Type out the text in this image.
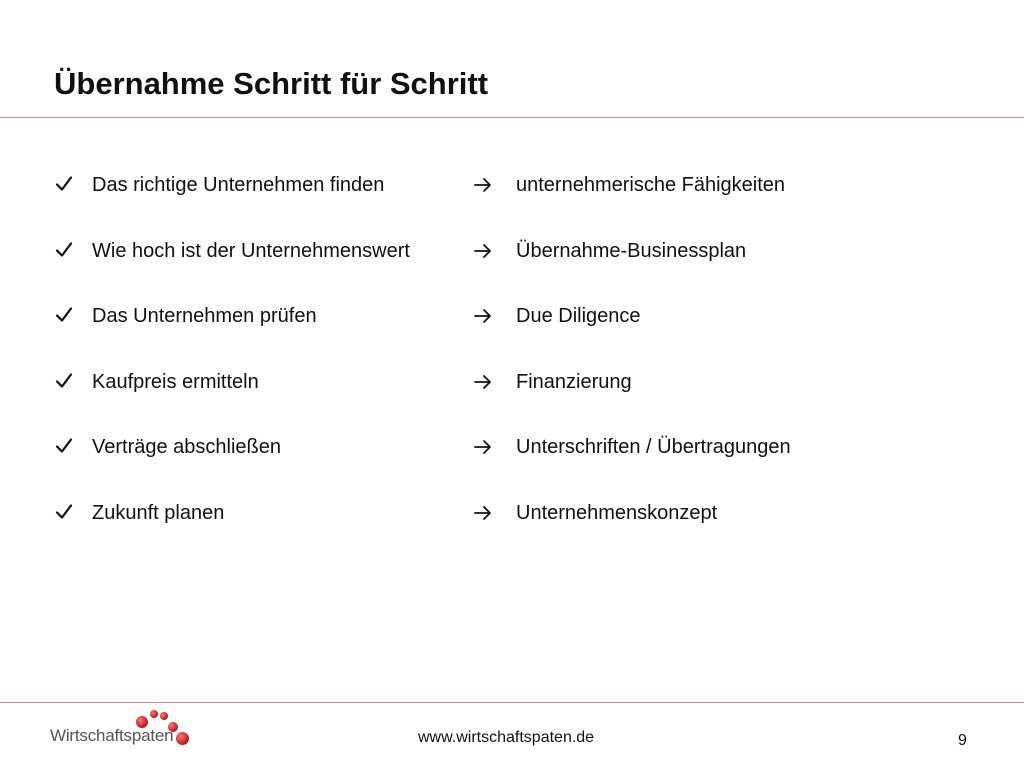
Übernahme Schritt für Schritt
Das richtige Unternehmen finden	unternehmerische Fähigkeiten
Wie hoch ist der Unternehmenswert	Übernahme-Businessplan
Das Unternehmen prüfen	Due Diligence
Kaufpreis ermitteln	Finanzierung
Verträge abschließen	Unterschriften / Übertragungen
Zukunft planen	Unternehmenskonzept
Wirtschaftspaten	www.wirtschaftspaten.de	9
